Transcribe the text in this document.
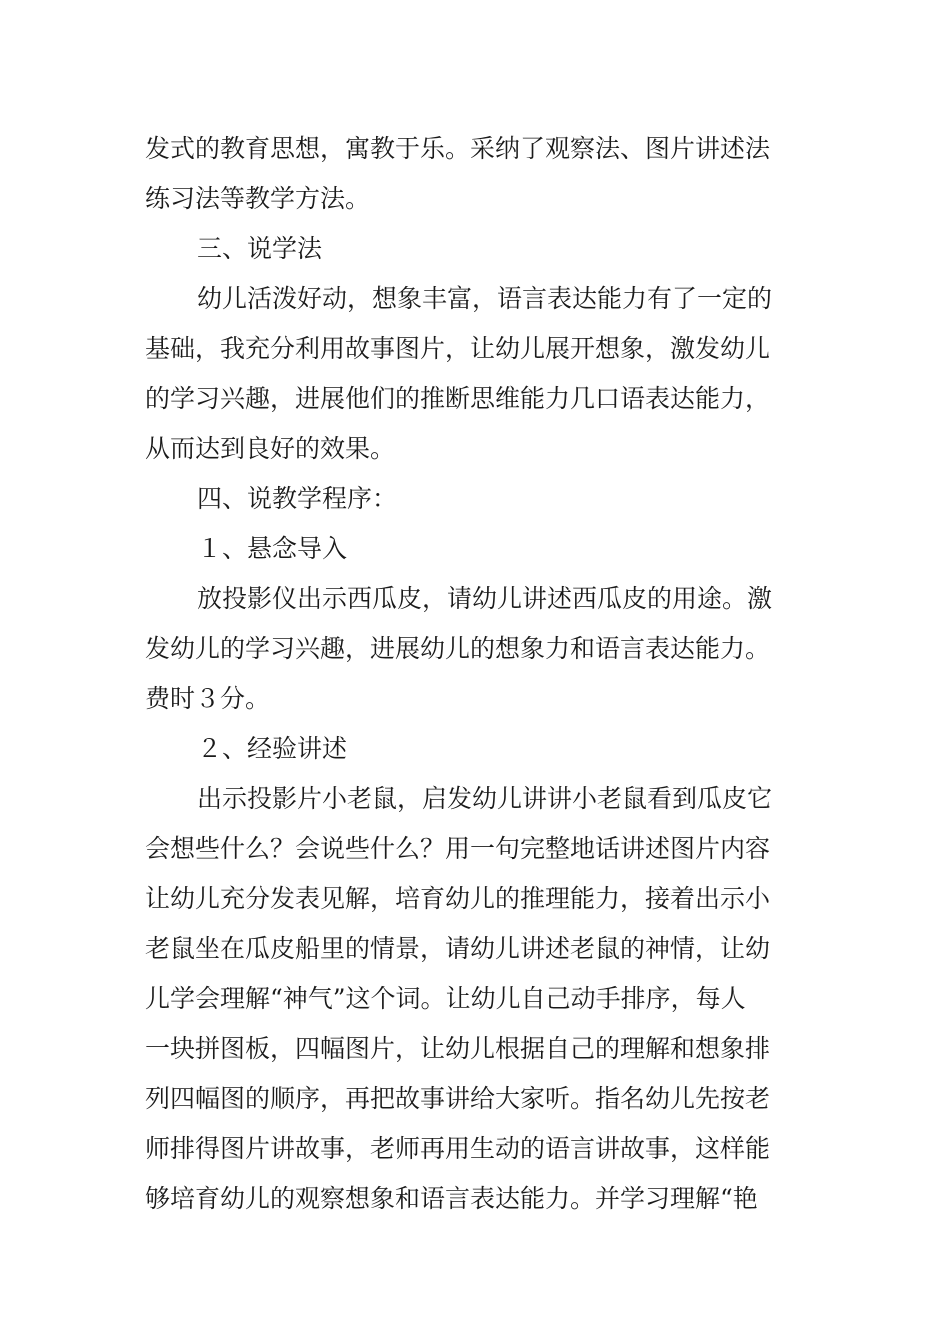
发式的教育思想，寓教于乐。采纳了观察法、图片讲述法
练习法等教学方法。
三、说学法
幼儿活泼好动，想象丰富，语言表达能力有了一定的
基础，我充分利用故事图片，让幼儿展开想象，激发幼儿
的学习兴趣，进展他们的推断思维能力几口语表达能力，
从而达到良好的效果。
四、说教学程序：
１、悬念导入
放投影仪出示西瓜皮，请幼儿讲述西瓜皮的用途。激
发幼儿的学习兴趣，进展幼儿的想象力和语言表达能力。
费时３分。
２、经验讲述
出示投影片小老鼠，启发幼儿讲讲小老鼠看到瓜皮它
会想些什么？会说些什么？用一句完整地话讲述图片内容
让幼儿充分发表见解，培育幼儿的推理能力，接着出示小
老鼠坐在瓜皮船里的情景，请幼儿讲述老鼠的神情，让幼
儿学会理解“神气”这个词。让幼儿自己动手排序，每人
一块拼图板，四幅图片，让幼儿根据自己的理解和想象排
列四幅图的顺序，再把故事讲给大家听。指名幼儿先按老
师排得图片讲故事，老师再用生动的语言讲故事，这样能
够培育幼儿的观察想象和语言表达能力。并学习理解“艳
